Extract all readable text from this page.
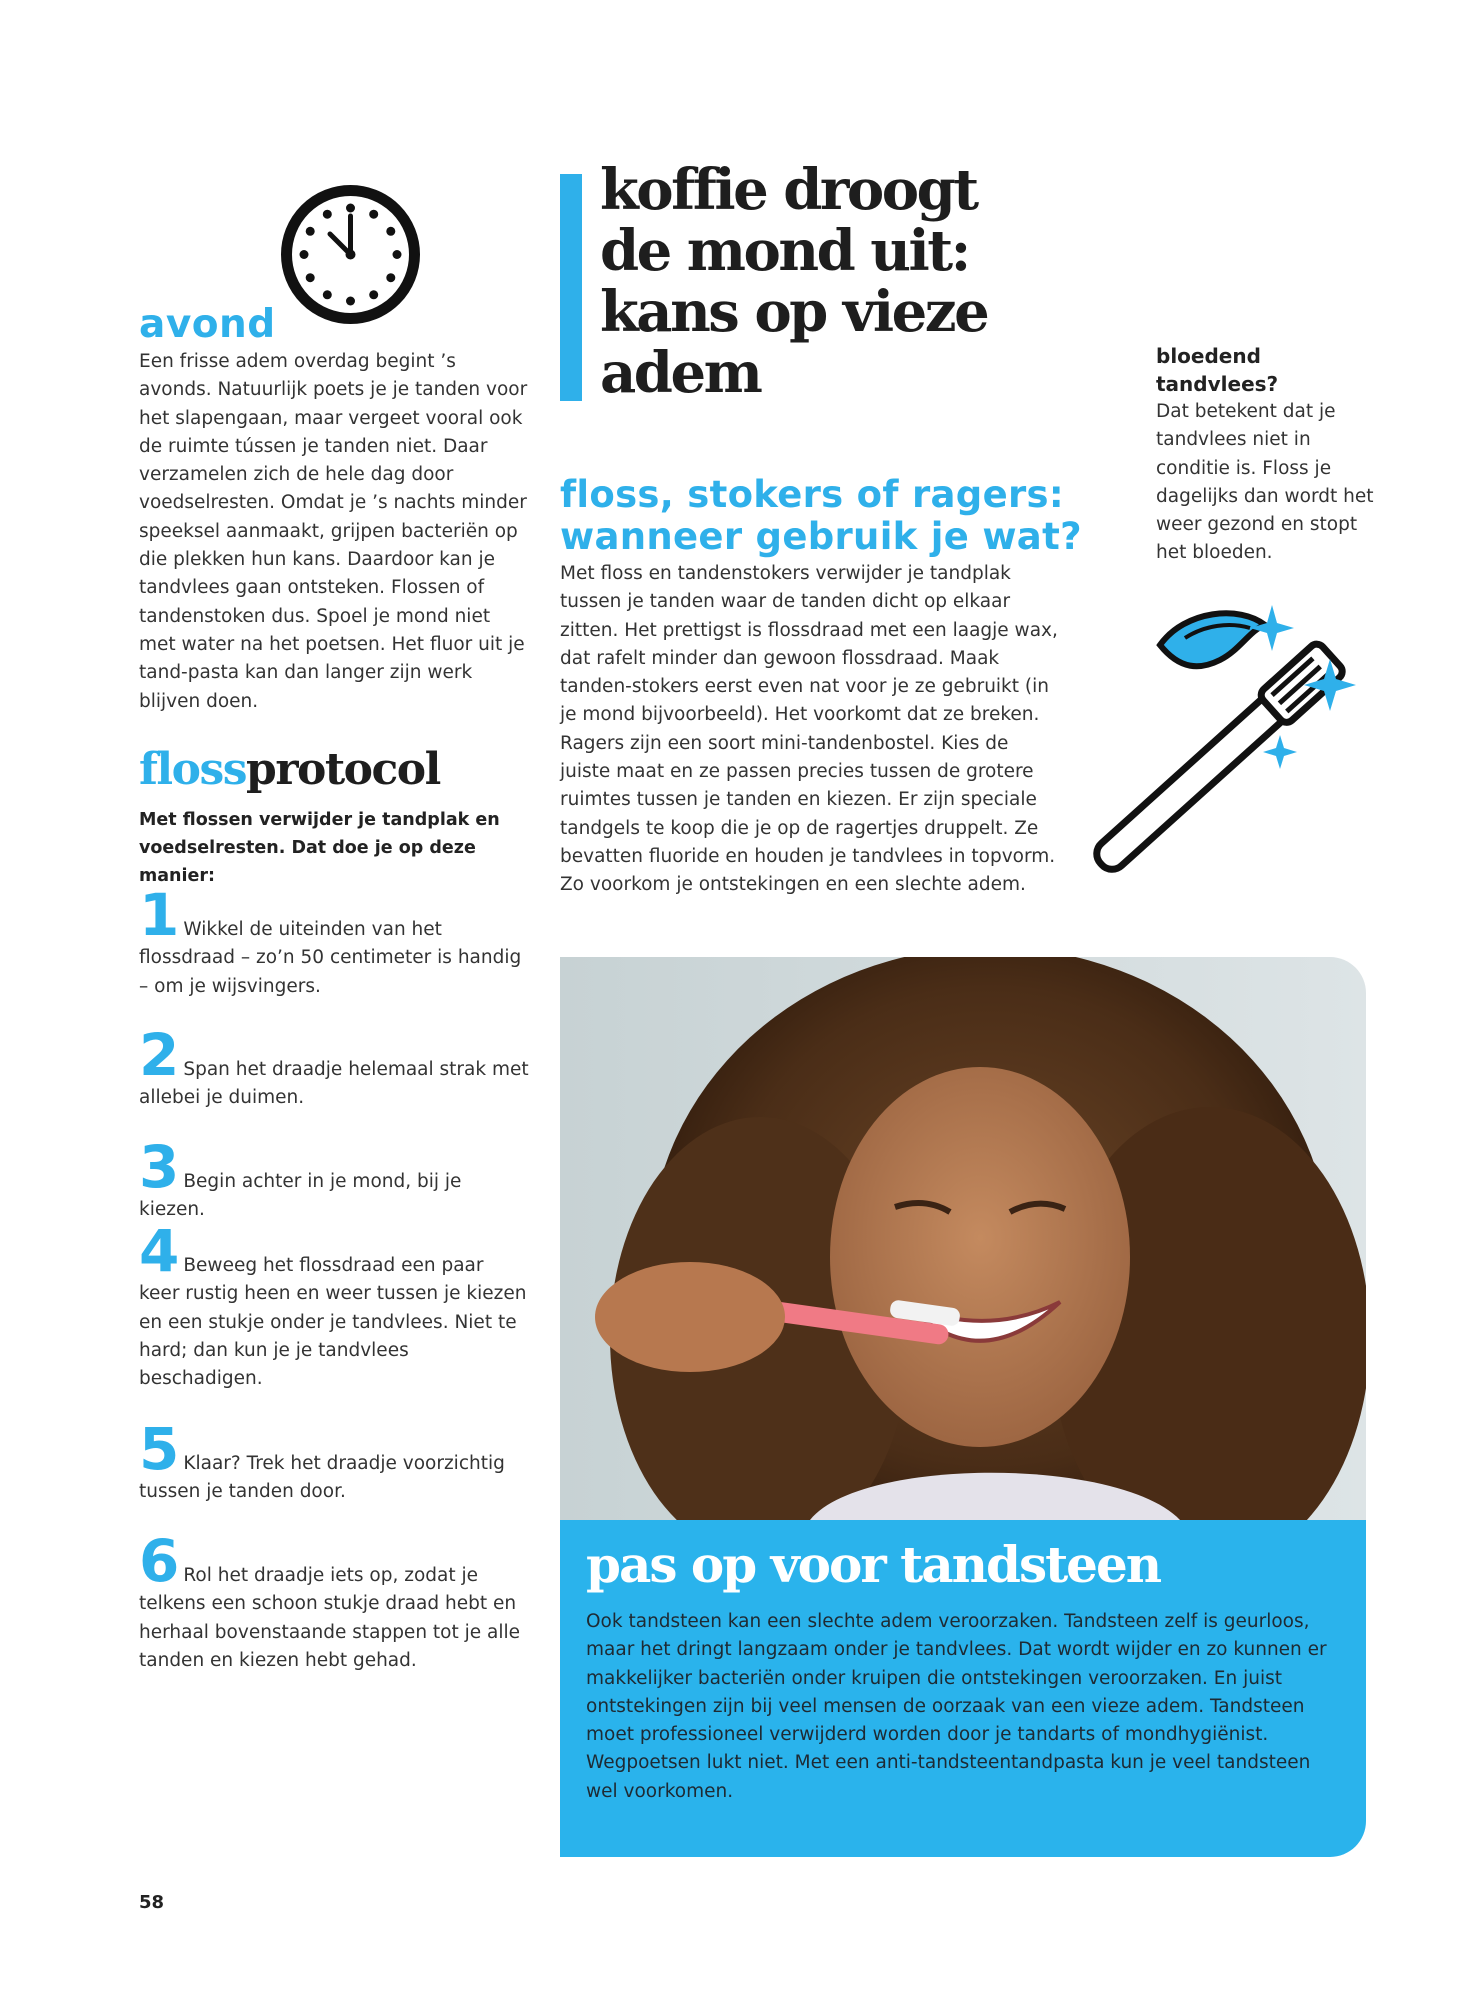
avond
Een frisse adem overdag begint ’s avonds. Natuurlijk poets je je tanden voor het slapengaan, maar vergeet vooral ook de ruimte tússen je tanden niet. Daar verzamelen zich de hele dag door voedselresten. Omdat je ’s nachts minder speeksel aanmaakt, grijpen bacteriën op die plekken hun kans. Daardoor kan je tandvlees gaan ontsteken. Flossen of tandenstoken dus. Spoel je mond niet met water na het poetsen. Het fluor uit je tand-pasta kan dan langer zijn werk blijven doen.
flossprotocol
Met flossen verwijder je tandplak en voedselresten. Dat doe je op deze manier:
1 Wikkel de uiteinden van het flossdraad – zo’n 50 centimeter is handig – om je wijsvingers.
2 Span het draadje helemaal strak met allebei je duimen.
3 Begin achter in je mond, bij je kiezen.
4 Beweeg het flossdraad een paar keer rustig heen en weer tussen je kiezen en een stukje onder je tandvlees. Niet te hard; dan kun je je tandvlees beschadigen.
5 Klaar? Trek het draadje voorzichtig tussen je tanden door.
6 Rol het draadje iets op, zodat je telkens een schoon stukje draad hebt en herhaal bovenstaande stappen tot je alle tanden en kiezen hebt gehad.
58
koffie droogt de mond uit: kans op vieze adem
floss, stokers of ragers: wanneer gebruik je wat?
Met floss en tandenstokers verwijder je tandplak tussen je tanden waar de tanden dicht op elkaar zitten. Het prettigst is flossdraad met een laagje wax, dat rafelt minder dan gewoon flossdraad. Maak tanden-stokers eerst even nat voor je ze gebruikt (in je mond bijvoorbeeld). Het voorkomt dat ze breken. Ragers zijn een soort mini-tandenbostel. Kies de juiste maat en ze passen precies tussen de grotere ruimtes tussen je tanden en kiezen. Er zijn speciale tandgels te koop die je op de ragertjes druppelt. Ze bevatten fluoride en houden je tandvlees in topvorm. Zo voorkom je ontstekingen en een slechte adem.
bloedend tandvlees?
Dat betekent dat je tandvlees niet in conditie is. Floss je dagelijks dan wordt het weer gezond en stopt het bloeden.
pas op voor tandsteen
Ook tandsteen kan een slechte adem veroorzaken. Tandsteen zelf is geurloos, maar het dringt langzaam onder je tandvlees. Dat wordt wijder en zo kunnen er makkelijker bacteriën onder kruipen die ontstekingen veroorzaken. En juist ontstekingen zijn bij veel mensen de oorzaak van een vieze adem. Tandsteen moet professioneel verwijderd worden door je tandarts of mondhygiënist. Wegpoetsen lukt niet. Met een anti-tandsteentandpasta kun je veel tandsteen wel voorkomen.
